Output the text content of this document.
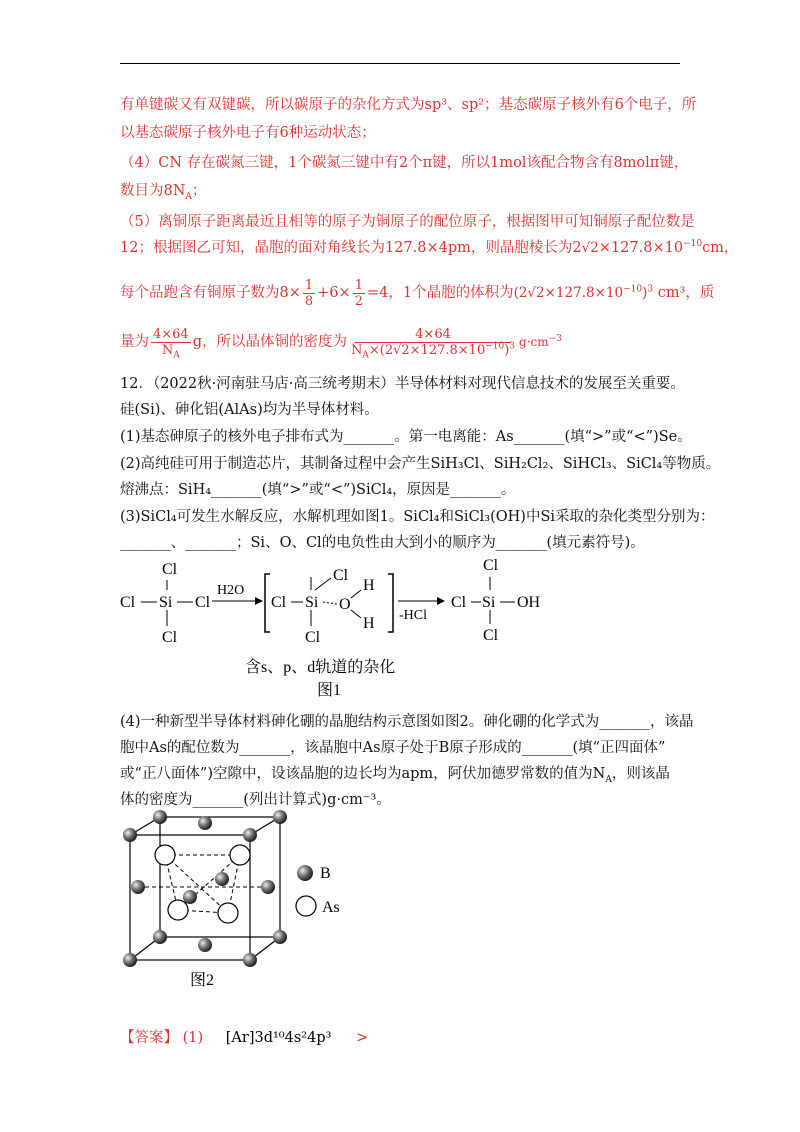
有单键碳又有双键碳，所以碳原子的杂化方式为sp³、sp²；基态碳原子核外有6个电子，所
以基态碳原子核外电子有6种运动状态；
（4）CN 存在碳氮三键，1个碳氮三键中有2个π键，所以1mol该配合物含有8molπ键，
数目为$8N_A$；
（5）离铜原子距离最近且相等的原子为铜原子的配位原子，根据图甲可知铜原子配位数是
12；根据图乙可知，晶胞的面对角线长为127.8×4pm，则晶胞棱长为$2√2\times 127.8\times 10^{-10}cm$，
每个品跑含有铜原子数为$8\times \frac{1}{8} +6\times \frac{1}{2} =4$，1个晶胞的体积为$(2√2\times 127.8\times 10^{-10})^3$ cm³，质
量为 $\frac{4\times 64}{N_A}$ g，所以晶体铜的密度为 $\frac{4\times 64}{N_A\times(2√2\times 127.8\times 10^{-10})^3} g\cdot cm^{-3}$
12．（2022秋·河南驻马店·高三统考期末）半导体材料对现代信息技术的发展至关重要。
硅(Si)、砷化铝(AlAs)均为半导体材料。
(1)基态砷原子的核外电子排布式为_______。第一电离能：As_______(填“>”或“<”)Se。
(2)高纯硅可用于制造芯片，其制备过程中会产生SiH₃Cl、SiH₂Cl₂、SiHCl₃、SiCl₄等物质。
熔沸点：SiH₄_______(填“>”或“<”)SiCl₄，原因是_______。
(3)SiCl₄可发生水解反应，水解机理如图1。SiCl₄和SiCl₃(OH)中Si采取的杂化类型分别为：
_______、_______；Si、O、Cl的电负性由大到小的顺序为_______(填元素符号)。
Cl
Cl Si Cl
Cl
H2O
Cl Si
Cl
O
H
H
Cl
-HCl
Cl Si
Cl
OH
Cl
含s、p、d轨道的杂化
图1
(4)一种新型半导体材料砷化硼的晶胞结构示意图如图2。砷化硼的化学式为_______，该晶
胞中As的配位数为_______，该晶胞中As原子处于B原子形成的_______(填“正四面体”
或“正八面体”)空隙中，设该晶胞的边长均为apm，阿伏加德罗常数的值为$N_A$，则该晶
体的密度为_______(列出计算式)g·cm⁻³。
B
As
图2
【答案】 (1) [Ar]3d¹⁰4s²4p³ >
